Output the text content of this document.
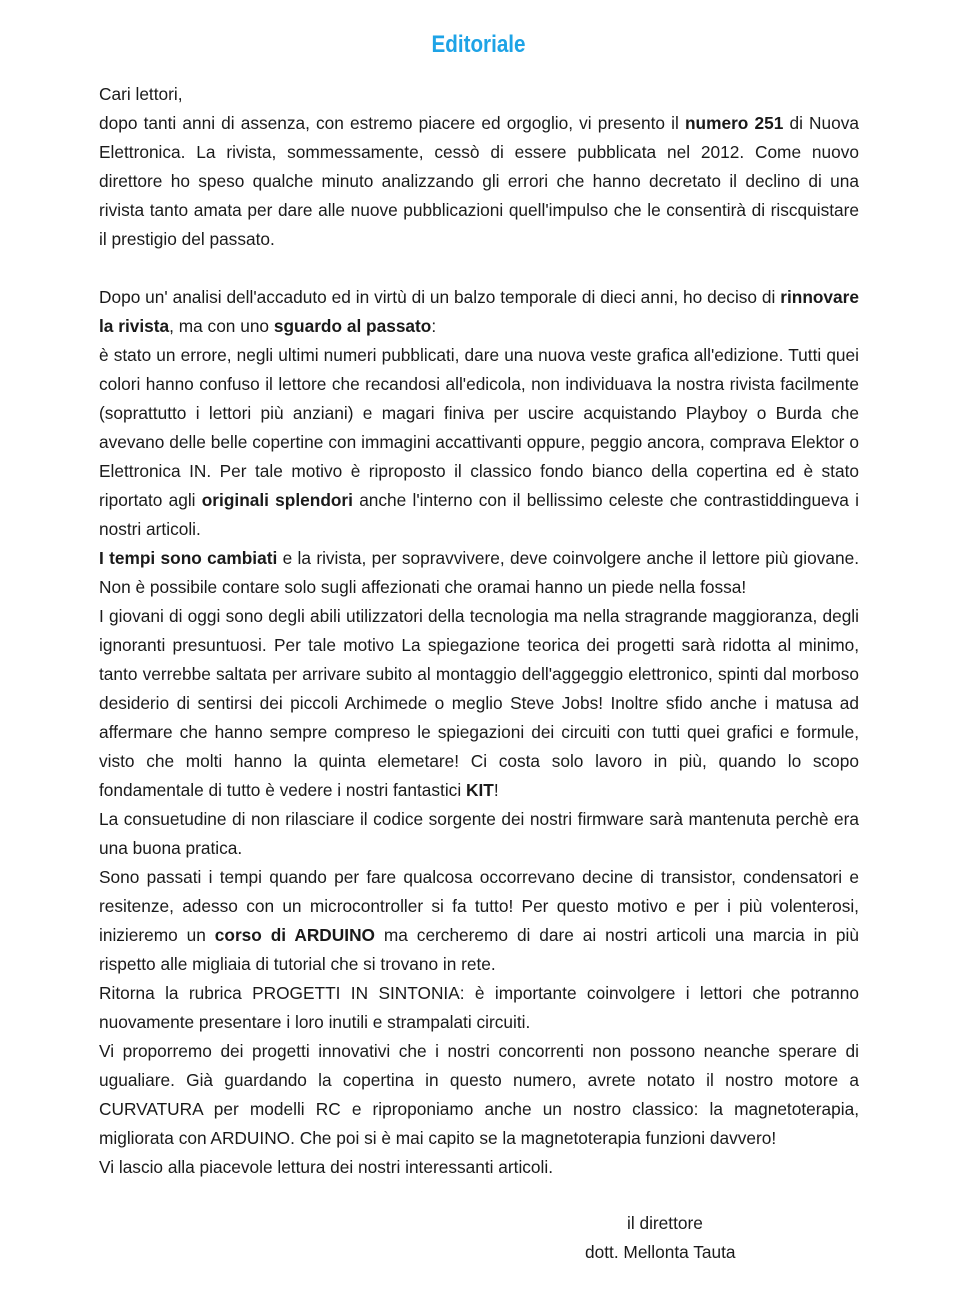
Editoriale

Cari lettori,

dopo tanti anni di assenza, con estremo piacere ed orgoglio, vi presento il numero 251 di Nuova Elettronica. La rivista, sommessamente, cessò di essere pubblicata nel 2012. Come nuovo direttore ho speso qualche minuto analizzando gli errori che hanno decretato il declino di una rivista tanto amata per dare alle nuove pubblicazioni quell'impulso che le consentirà di riscquistare il prestigio del passato.

Dopo un' analisi dell'accaduto ed in virtù di un balzo temporale di dieci anni, ho deciso di rinnovare la rivista, ma con uno sguardo al passato:

è stato un errore, negli ultimi numeri pubblicati, dare una nuova veste grafica all'edizione. Tutti quei colori hanno confuso il lettore che recandosi all'edicola, non individuava la nostra rivista facilmente (soprattutto i lettori più anziani) e magari finiva per uscire acquistando Playboy o Burda che avevano delle belle copertine con immagini accattivanti oppure, peggio ancora, comprava Elektor o Elettronica IN. Per tale motivo è riproposto il classico fondo bianco della copertina ed è stato riportato agli originali splendori anche l'interno con il bellissimo celeste che contrastiddingueva i nostri articoli.

I tempi sono cambiati e la rivista, per sopravvivere, deve coinvolgere anche il lettore più giovane. Non è possibile contare solo sugli affezionati che oramai hanno un piede nella fossa!

I giovani di oggi sono degli abili utilizzatori della tecnologia ma nella stragrande maggioranza, degli ignoranti presuntuosi. Per tale motivo La spiegazione teorica dei progetti sarà ridotta al minimo, tanto verrebbe saltata per arrivare subito al montaggio dell'aggeggio elettronico, spinti dal morboso desiderio di sentirsi dei piccoli Archimede o meglio Steve Jobs! Inoltre sfido anche i matusa ad affermare che hanno sempre compreso le spiegazioni dei circuiti con tutti quei grafici e formule, visto che molti hanno la quinta elemetare! Ci costa solo lavoro in più, quando lo scopo fondamentale di tutto è vedere i nostri fantastici KIT!

La consuetudine di non rilasciare il codice sorgente dei nostri firmware sarà mantenuta perchè era una buona pratica.

Sono passati i tempi quando per fare qualcosa occorrevano decine di transistor, condensatori e resitenze, adesso con un microcontroller si fa tutto! Per questo motivo e per i più volenterosi, inizieremo un corso di ARDUINO ma cercheremo di dare ai nostri articoli una marcia in più rispetto alle migliaia di tutorial che si trovano in rete.

Ritorna la rubrica PROGETTI IN SINTONIA: è importante coinvolgere i lettori che potranno nuovamente presentare i loro inutili e strampalati circuiti.

Vi proporremo dei progetti innovativi che i nostri concorrenti non possono neanche sperare di ugualiare. Già guardando la copertina in questo numero, avrete notato il nostro motore a CURVATURA per modelli RC e riproponiamo anche un nostro classico: la magnetoterapia, migliorata con ARDUINO. Che poi si è mai capito se la magnetoterapia funzioni davvero!

Vi lascio alla piacevole lettura dei nostri interessanti articoli.

il direttore
dott. Mellonta Tauta
